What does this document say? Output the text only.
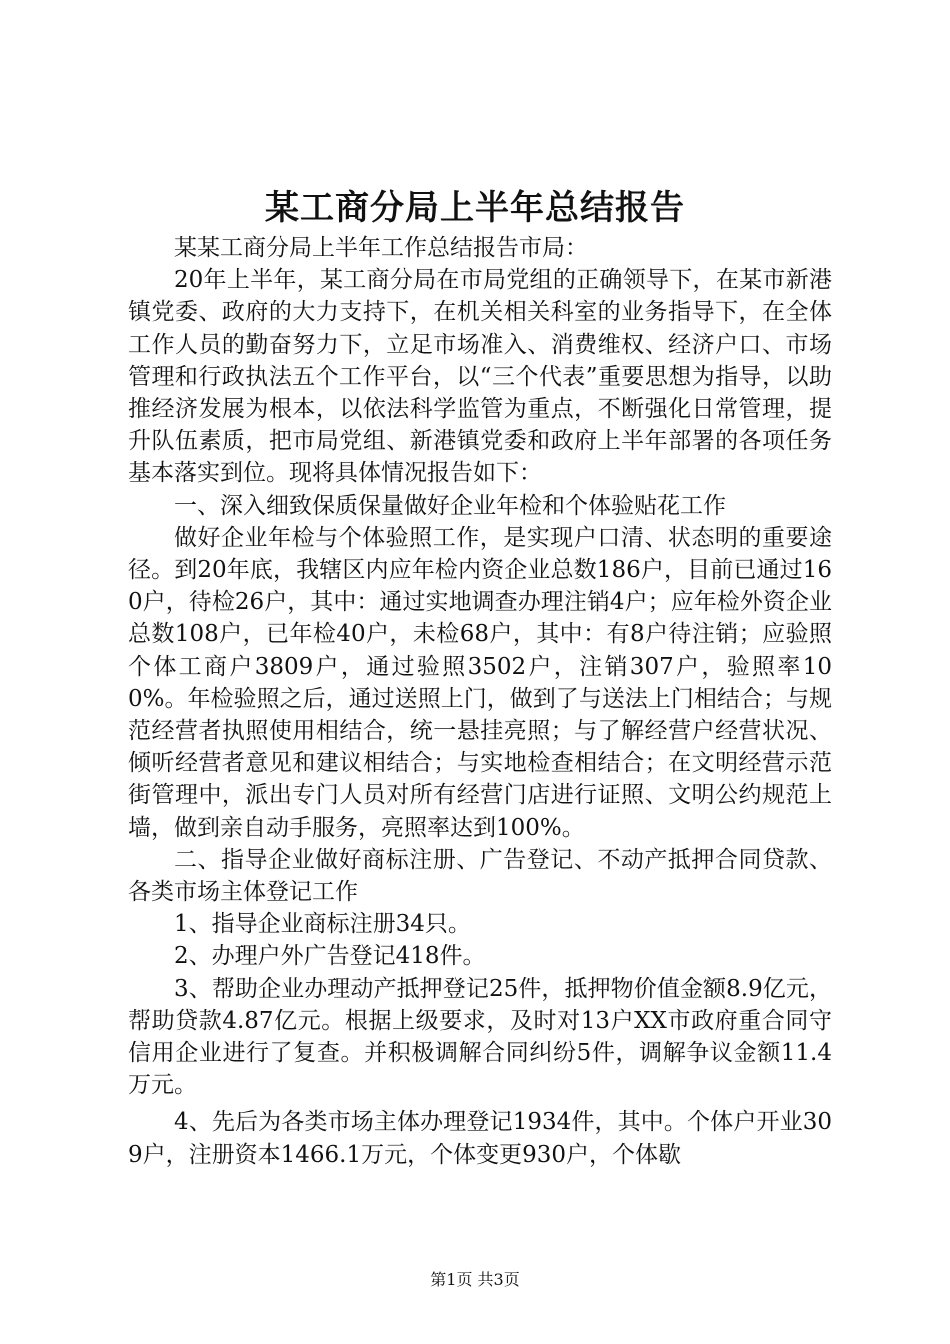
某工商分局上半年总结报告

某某工商分局上半年工作总结报告市局：

20年上半年，某工商分局在市局党组的正确领导下，在某市新港镇党委、政府的大力支持下，在机关相关科室的业务指导下，在全体工作人员的勤奋努力下，立足市场准入、消费维权、经济户口、市场管理和行政执法五个工作平台，以“三个代表”重要思想为指导，以助推经济发展为根本，以依法科学监管为重点，不断强化日常管理，提升队伍素质，把市局党组、新港镇党委和政府上半年部署的各项任务基本落实到位。现将具体情况报告如下：

一、深入细致保质保量做好企业年检和个体验贴花工作

做好企业年检与个体验照工作，是实现户口清、状态明的重要途径。到20年底，我辖区内应年检内资企业总数186户，目前已通过160户，待检26户，其中：通过实地调查办理注销4户；应年检外资企业总数108户，已年检40户，未检68户，其中：有8户待注销；应验照个体工商户3809户，通过验照3502户，注销307户，验照率100%。年检验照之后，通过送照上门，做到了与送法上门相结合；与规范经营者执照使用相结合，统一悬挂亮照；与了解经营户经营状况、倾听经营者意见和建议相结合；与实地检查相结合；在文明经营示范街管理中，派出专门人员对所有经营门店进行证照、文明公约规范上墙，做到亲自动手服务，亮照率达到100%。

二、指导企业做好商标注册、广告登记、不动产抵押合同贷款、各类市场主体登记工作

1、指导企业商标注册34只。

2、办理户外广告登记418件。

3、帮助企业办理动产抵押登记25件，抵押物价值金额8.9亿元，帮助贷款4.87亿元。根据上级要求，及时对13户XX市政府重合同守信用企业进行了复查。并积极调解合同纠纷5件，调解争议金额11.4万元。

4、先后为各类市场主体办理登记1934件，其中。个体户开业309户，注册资本1466.1万元，个体变更930户，个体歇

第1页 共3页
